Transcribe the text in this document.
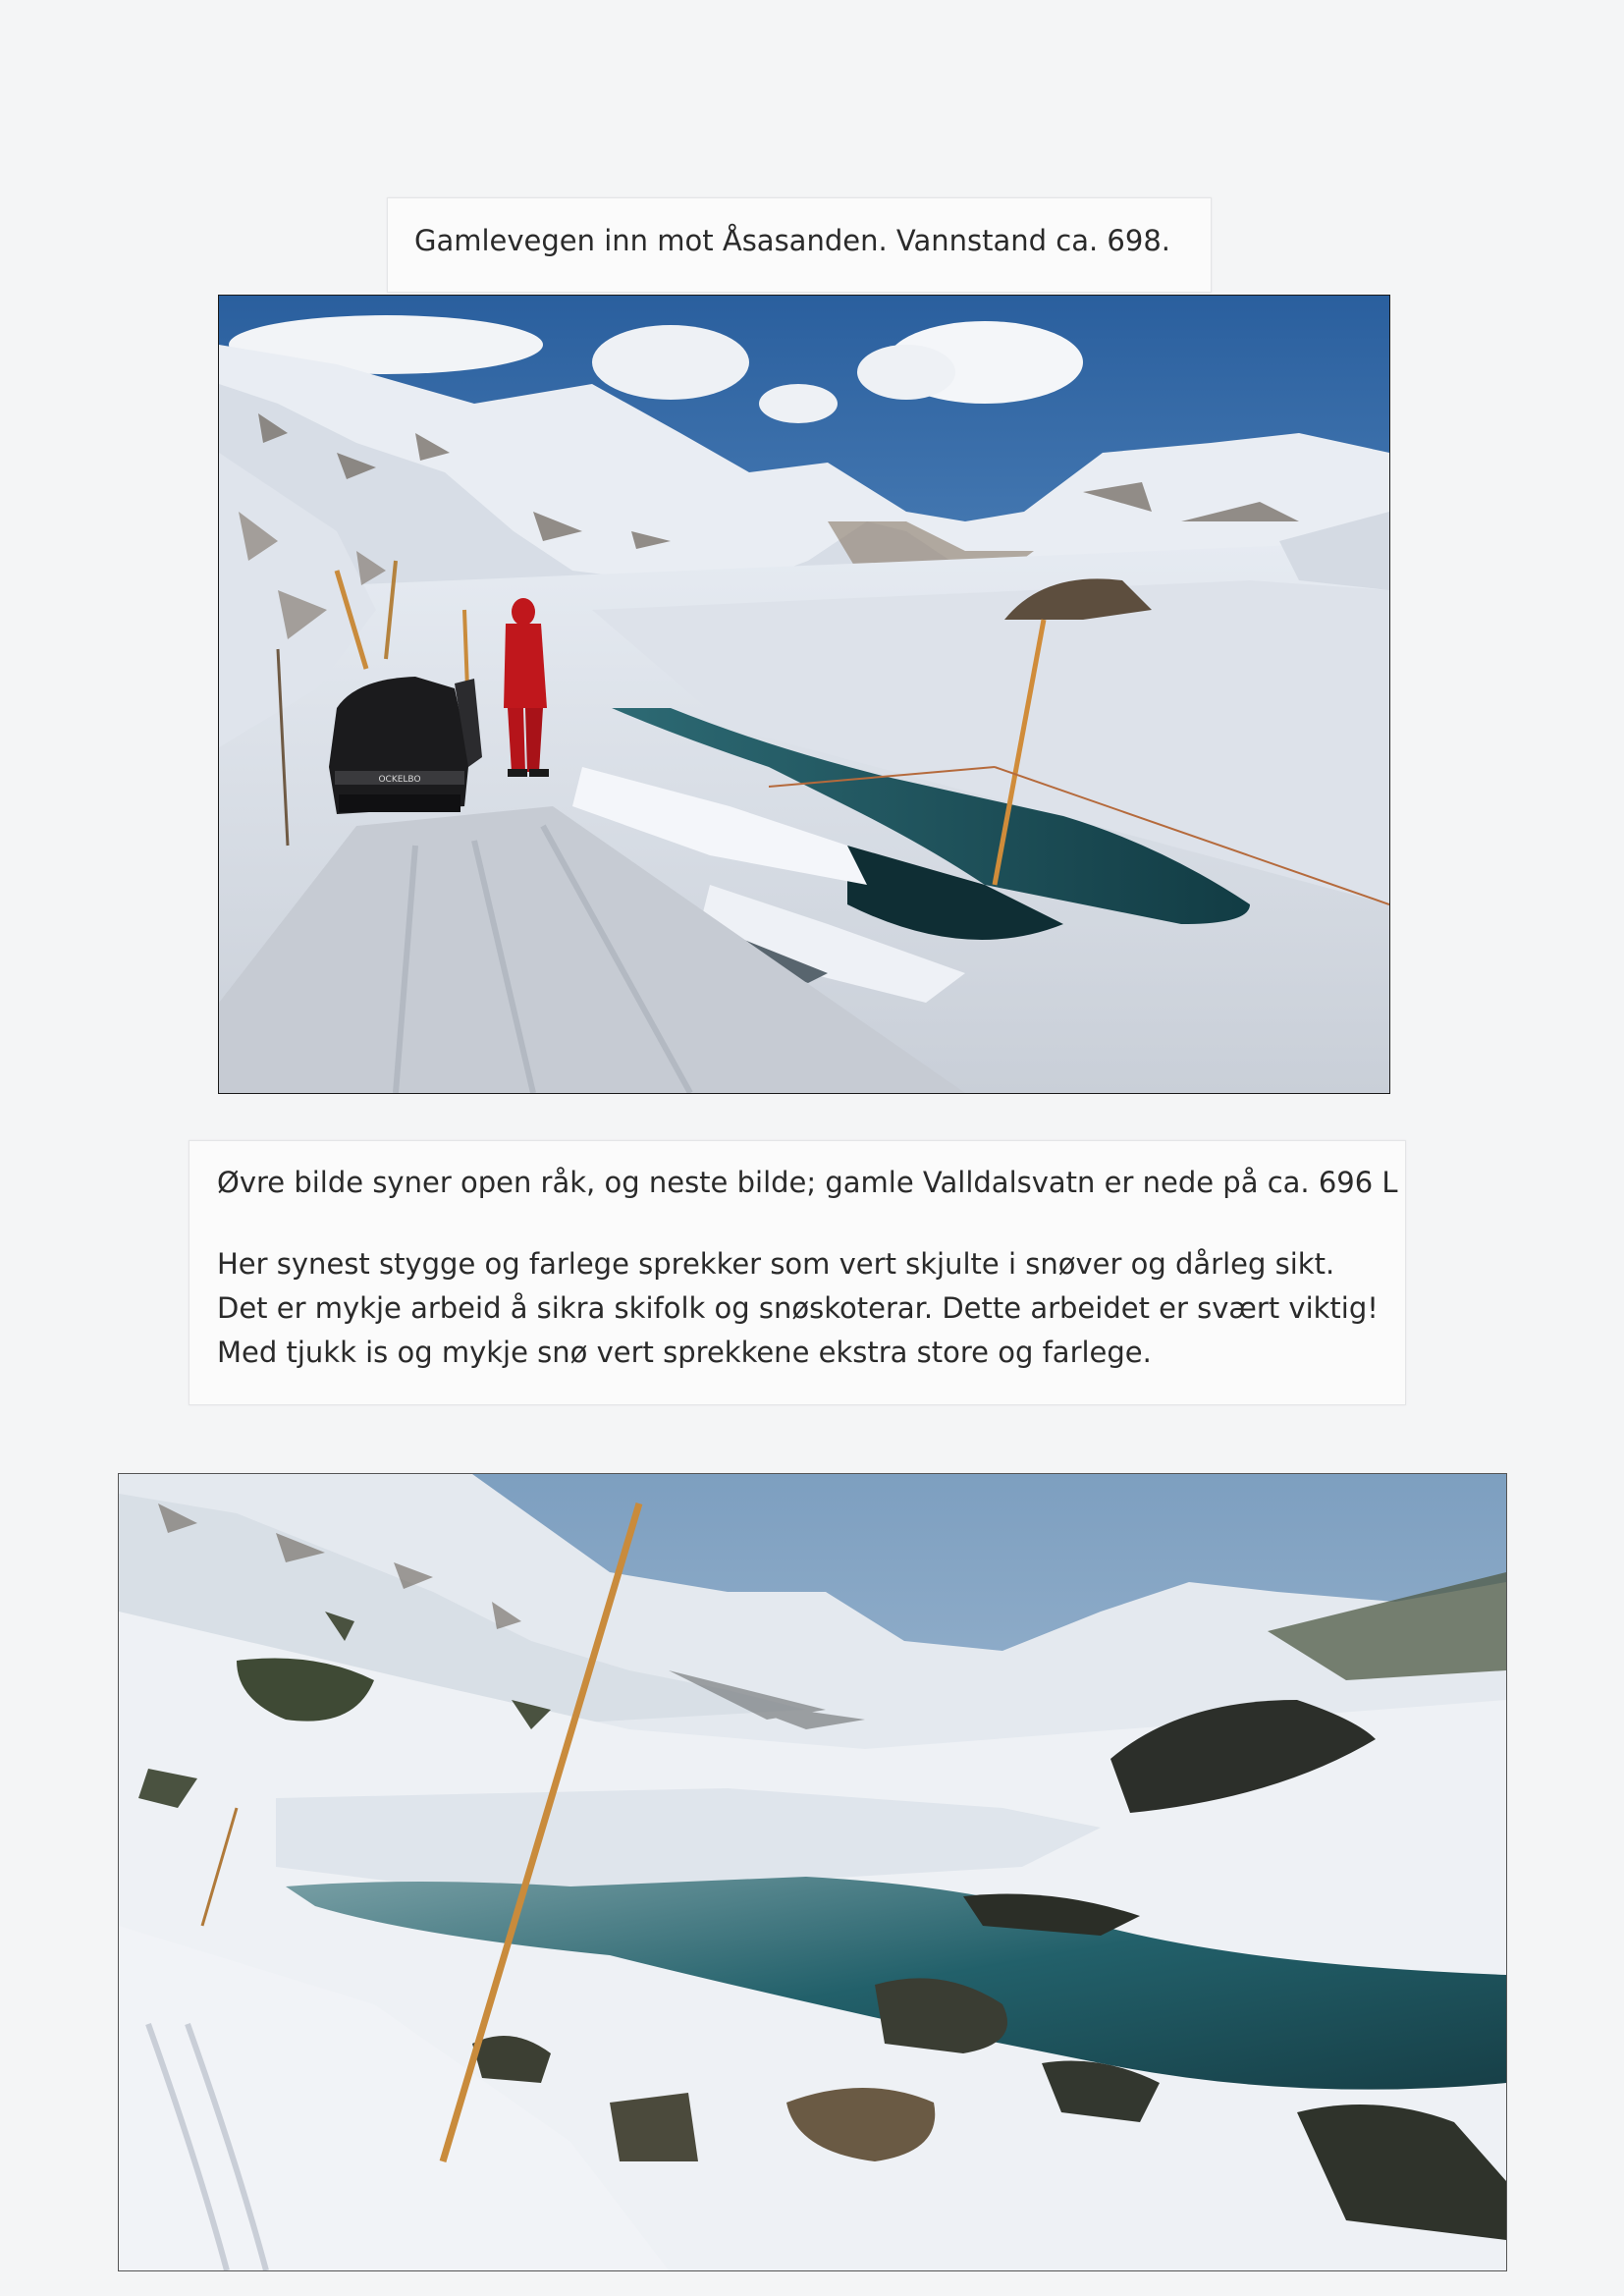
Gamlevegen inn mot Åsasanden. Vannstand ca. 698.
OCKELBO

Øvre bilde syner open råk, og neste bilde; gamle Valldalsvatn er nede på ca. 696 L

Her synest stygge og farlege sprekker som vert skjulte i snøver og dårleg sikt.

Det er mykje arbeid å sikra skifolk og snøskoterar. Dette arbeidet er svært viktig!

Med tjukk is og mykje snø vert sprekkene ekstra store og farlege.
